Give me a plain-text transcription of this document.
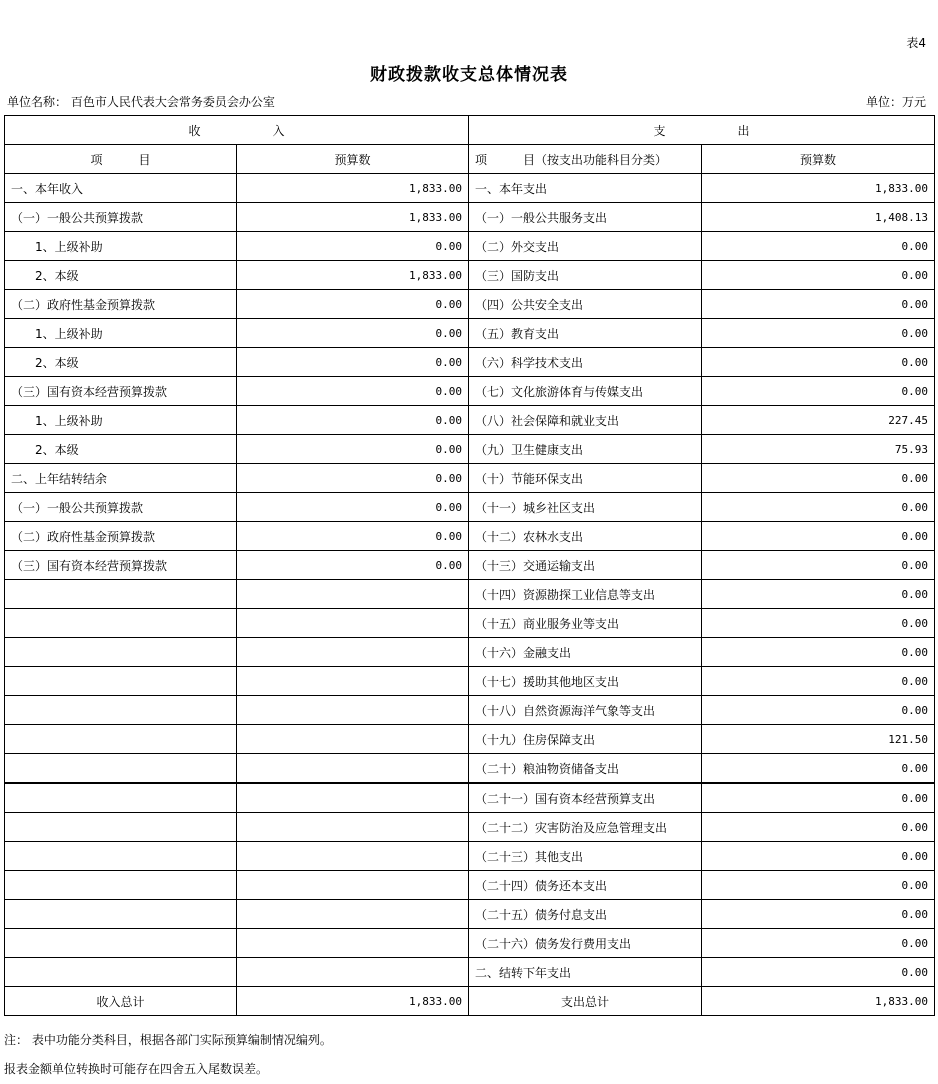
表4
财政拨款收支总体情况表
单位名称： 百色市人民代表大会常务委员会办公室	单位：万元
收　　　　　　入		支　　　　　　出	
项　　　目	预算数	项　　　目（按支出功能科目分类）	预算数
一、本年收入	1,833.00	一、本年支出	1,833.00
（一）一般公共预算拨款	1,833.00	（一）一般公共服务支出	1,408.13
　　1、上级补助	0.00	（二）外交支出	0.00
　　2、本级	1,833.00	（三）国防支出	0.00
（二）政府性基金预算拨款	0.00	（四）公共安全支出	0.00
　　1、上级补助	0.00	（五）教育支出	0.00
　　2、本级	0.00	（六）科学技术支出	0.00
（三）国有资本经营预算拨款	0.00	（七）文化旅游体育与传媒支出	0.00
　　1、上级补助	0.00	（八）社会保障和就业支出	227.45
　　2、本级	0.00	（九）卫生健康支出	75.93
二、上年结转结余	0.00	（十）节能环保支出	0.00
（一）一般公共预算拨款	0.00	（十一）城乡社区支出	0.00
（二）政府性基金预算拨款	0.00	（十二）农林水支出	0.00
（三）国有资本经营预算拨款	0.00	（十三）交通运输支出	0.00
		（十四）资源勘探工业信息等支出	0.00
		（十五）商业服务业等支出	0.00
		（十六）金融支出	0.00
		（十七）援助其他地区支出	0.00
		（十八）自然资源海洋气象等支出	0.00
		（十九）住房保障支出	121.50
		（二十）粮油物资储备支出	0.00
		（二十一）国有资本经营预算支出	0.00
		（二十二）灾害防治及应急管理支出	0.00
		（二十三）其他支出	0.00
		（二十四）债务还本支出	0.00
		（二十五）债务付息支出	0.00
		（二十六）债务发行费用支出	0.00
		二、结转下年支出	0.00
收入总计	1,833.00	支出总计	1,833.00
注： 表中功能分类科目，根据各部门实际预算编制情况编列。
报表金额单位转换时可能存在四舍五入尾数误差。
